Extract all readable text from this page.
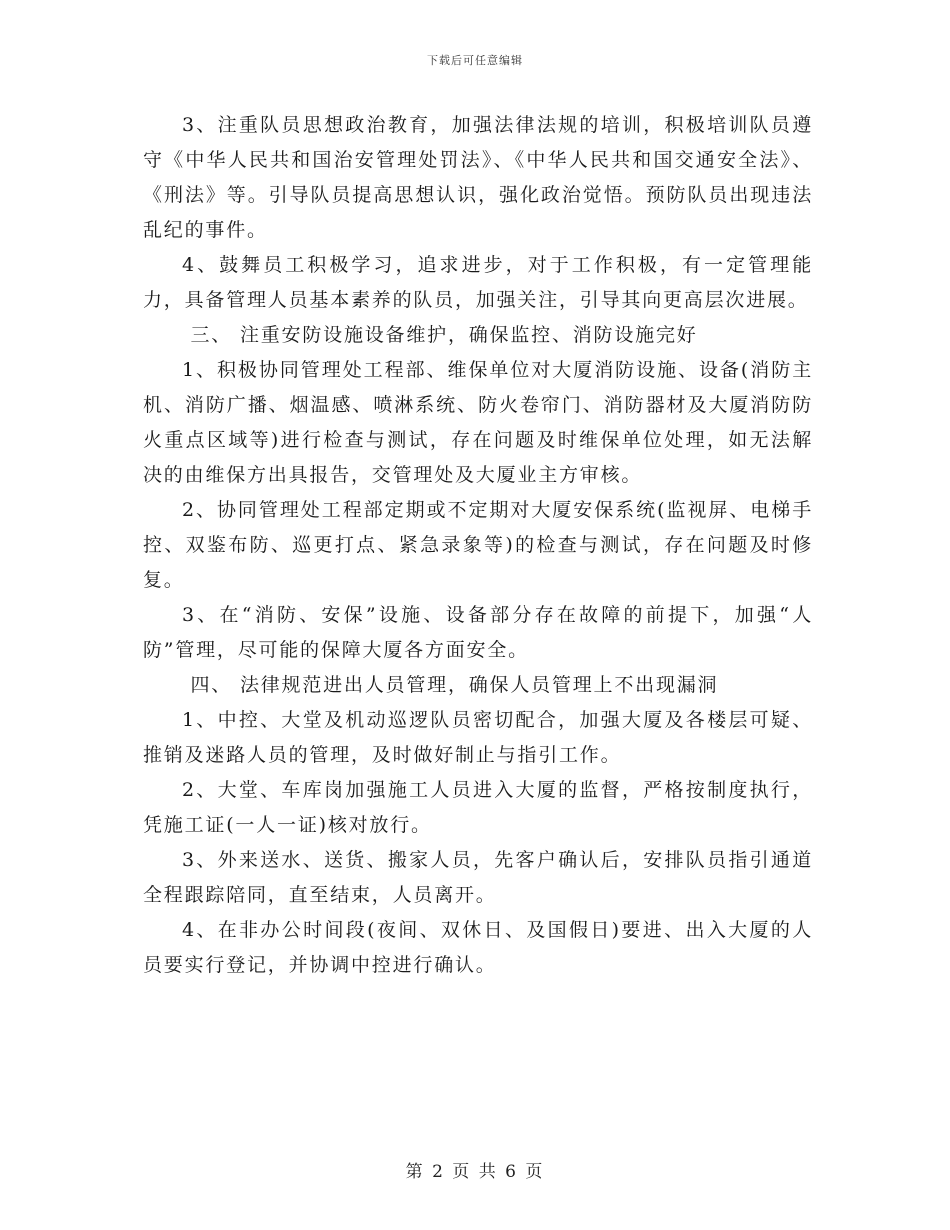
下载后可任意编辑

3、注重队员思想政治教育，加强法律法规的培训，积极培训队员遵守《中华人民共和国治安管理处罚法》、《中华人民共和国交通安全法》、《刑法》等。引导队员提高思想认识，强化政治觉悟。预防队员出现违法乱纪的事件。

4、鼓舞员工积极学习，追求进步，对于工作积极，有一定管理能力，具备管理人员基本素养的队员，加强关注，引导其向更高层次进展。

三、 注重安防设施设备维护，确保监控、消防设施完好

1、积极协同管理处工程部、维保单位对大厦消防设施、设备(消防主机、消防广播、烟温感、喷淋系统、防火卷帘门、消防器材及大厦消防防火重点区域等)进行检查与测试，存在问题及时维保单位处理，如无法解决的由维保方出具报告，交管理处及大厦业主方审核。

2、协同管理处工程部定期或不定期对大厦安保系统(监视屏、电梯手控、双鉴布防、巡更打点、紧急录象等)的检查与测试，存在问题及时修复。

3、在“消防、安保”设施、设备部分存在故障的前提下，加强“人防”管理，尽可能的保障大厦各方面安全。

四、 法律规范进出人员管理，确保人员管理上不出现漏洞

1、中控、大堂及机动巡逻队员密切配合，加强大厦及各楼层可疑、推销及迷路人员的管理，及时做好制止与指引工作。

2、大堂、车库岗加强施工人员进入大厦的监督，严格按制度执行，凭施工证(一人一证)核对放行。

3、外来送水、送货、搬家人员，先客户确认后，安排队员指引通道全程跟踪陪同，直至结束，人员离开。

4、在非办公时间段(夜间、双休日、及国假日)要进、出入大厦的人员要实行登记，并协调中控进行确认。

第 2 页 共 6 页
